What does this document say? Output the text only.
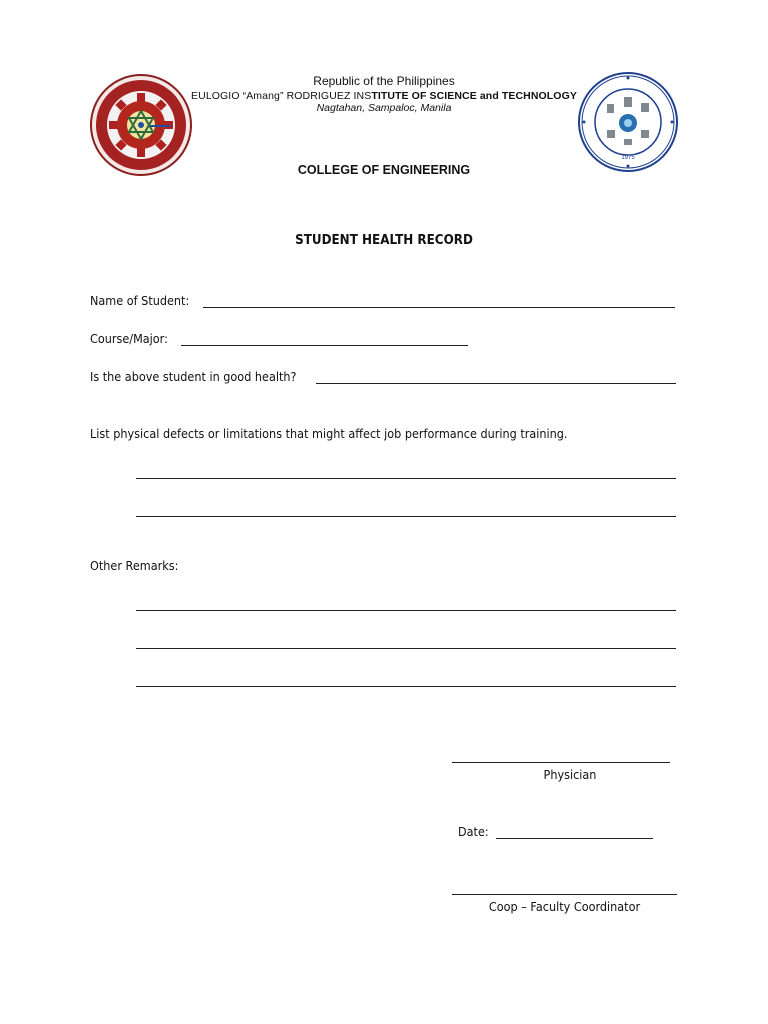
1975
Republic of the Philippines
EULOGIO “Amang” RODRIGUEZ INSTITUTE OF SCIENCE and TECHNOLOGY
Nagtahan, Sampaloc, Manila
COLLEGE OF ENGINEERING
STUDENT HEALTH RECORD
Name of Student:
Course/Major:
Is the above student in good health?
List physical defects or limitations that might affect job performance during training.
Other Remarks:
Physician
Date:
Coop – Faculty Coordinator
